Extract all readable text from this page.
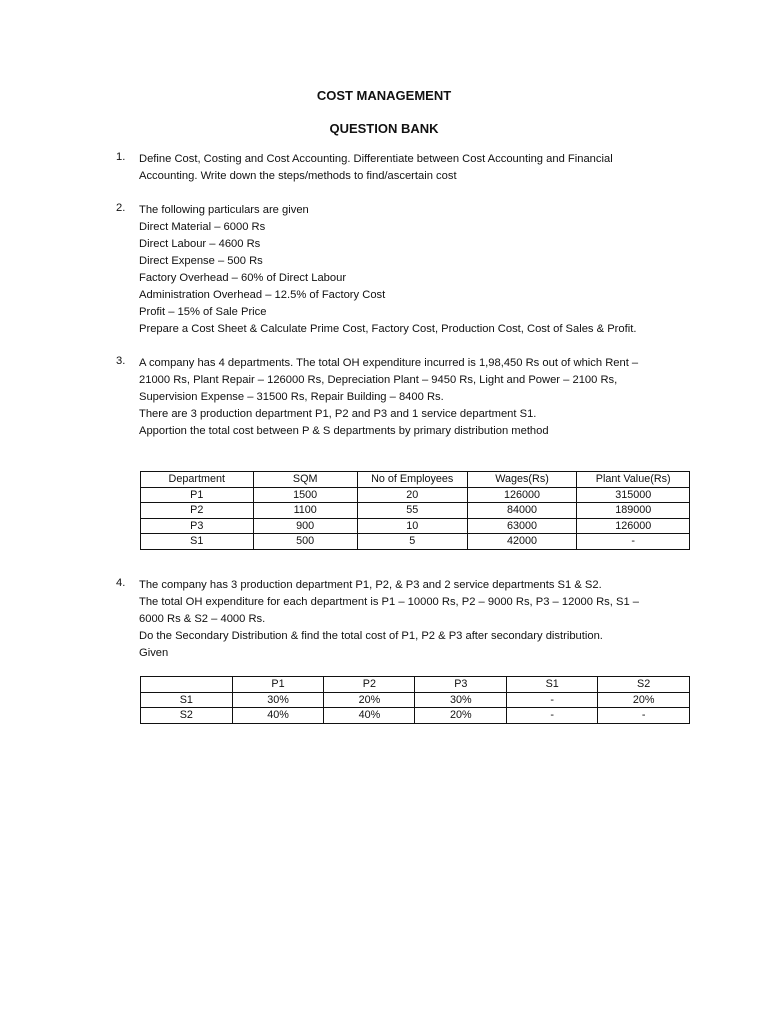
COST MANAGEMENT
QUESTION BANK
1. Define Cost, Costing and Cost Accounting. Differentiate between Cost Accounting and Financial
Accounting. Write down the steps/methods to find/ascertain cost
2. The following particulars are given
Direct Material – 6000 Rs
Direct Labour – 4600 Rs
Direct Expense – 500 Rs
Factory Overhead – 60% of Direct Labour
Administration Overhead – 12.5% of Factory Cost
Profit – 15% of Sale Price
Prepare a Cost Sheet & Calculate Prime Cost, Factory Cost, Production Cost, Cost of Sales & Profit.
3. A company has 4 departments. The total OH expenditure incurred is 1,98,450 Rs out of which Rent –
21000 Rs, Plant Repair – 126000 Rs, Depreciation Plant – 9450 Rs, Light and Power – 2100 Rs,
Supervision Expense – 31500 Rs, Repair Building – 8400 Rs.
There are 3 production department P1, P2 and P3 and 1 service department S1.
Apportion the total cost between P & S departments by primary distribution method
Department	SQM	No of Employees	Wages(Rs)	Plant Value(Rs)
P1	1500	20	126000	315000
P2	1100	55	84000	189000
P3	900	10	63000	126000
S1	500	5	42000	-
4. The company has 3 production department P1, P2, & P3 and 2 service departments S1 & S2.
The total OH expenditure for each department is P1 – 10000 Rs, P2 – 9000 Rs, P3 – 12000 Rs, S1 –
6000 Rs & S2 – 4000 Rs.
Do the Secondary Distribution & find the total cost of P1, P2 & P3 after secondary distribution.
Given
	P1	P2	P3	S1	S2
S1	30%	20%	30%	-	20%
S2	40%	40%	20%	-	-
